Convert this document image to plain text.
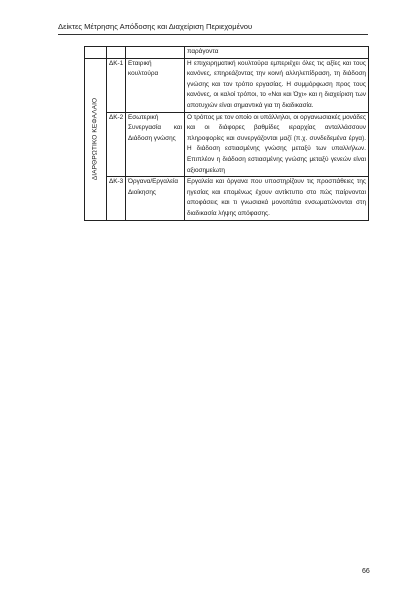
Δείκτες Μέτρησης Απόδοσης και Διαχείριση Περιεχομένου
			παράγοντα

ΔΙΑΡΘΡΩΤΙΚΟ ΚΕΦΑΛΑΙΟ	ΔΚ-1	Εταιρική κουλτούρα	Η επιχειρηματική κουλτούρα εμπεριέχει όλες τις αξίες και τους κανόνες, επηρεάζοντας την κοινή αλληλεπίδραση, τη διάδοση γνώσης και τον τρόπο εργασίας. Η συμμόρφωση προς τους κανόνες, οι καλοί τρόποι, το «Ναι και Όχι» και η διαχείριση των αποτυχιών είναι σημαντικά για τη διαδικασία.
	ΔΚ-2	Εσωτερική Συνεργασία και Διάδοση γνώσης	Ο τρόπος με τον οποίο οι υπάλληλοι, οι οργανωσιακές μονάδες και οι διάφορες βαθμίδες ιεραρχίας ανταλλάσσουν πληροφορίες και συνεργάζονται μαζί (π.χ. συνδεδεμένα έργα). Η διάδοση εστιασμένης γνώσης μεταξύ των υπαλλήλων. Επιπλέον η διάδοση εστιασμένης γνώσης μεταξύ γενεών είναι αξιοσημείωτη
	ΔΚ-3	Όργανα/Εργαλεία Διοίκησης	Εργαλεία και όργανα που υποστηρίζουν τις προσπάθειες της ηγεσίας και επομένως έχουν αντίκτυπο στο πώς παίρνονται αποφάσεις και τι γνωσιακά μονοπάτια ενσωματώνονται στη διαδικασία λήψης απόφασης.
66
